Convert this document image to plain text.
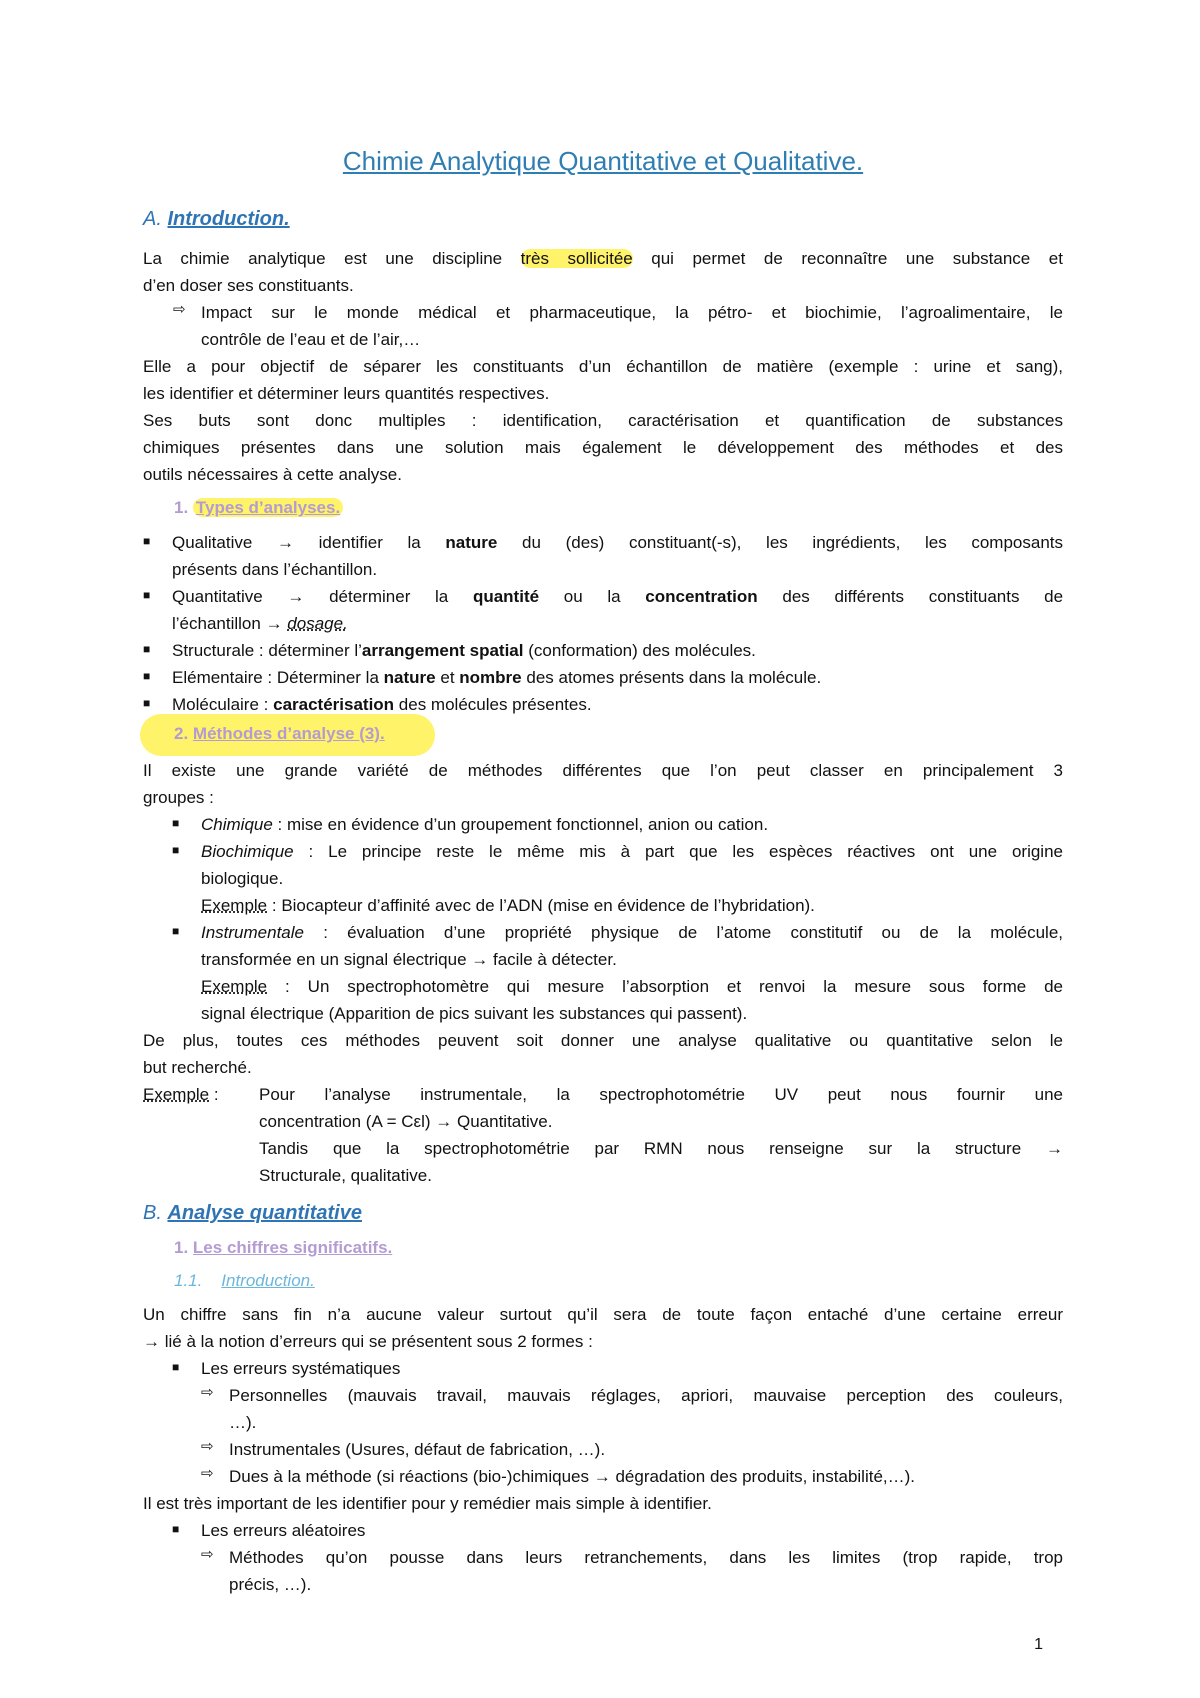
Chimie Analytique Quantitative et Qualitative.
A. Introduction.
La chimie analytique est une discipline très sollicitée qui permet de reconnaître une substance et
d’en doser ses constituants.
⇨ Impact sur le monde médical et pharmaceutique, la pétro- et biochimie, l’agroalimentaire, le
contrôle de l’eau et de l’air,…
Elle a pour objectif de séparer les constituants d’un échantillon de matière (exemple : urine et sang),
les identifier et déterminer leurs quantités respectives.
Ses buts sont donc multiples : identification, caractérisation et quantification de substances
chimiques présentes dans une solution mais également le développement des méthodes et des
outils nécessaires à cette analyse.
1. Types d’analyses.
■ Qualitative → identifier la nature du (des) constituant(-s), les ingrédients, les composants
présents dans l’échantillon.
■ Quantitative → déterminer la quantité ou la concentration des différents constituants de
l’échantillon → dosage.
■ Structurale : déterminer l’arrangement spatial (conformation) des molécules.
■ Elémentaire : Déterminer la nature et nombre des atomes présents dans la molécule.
■ Moléculaire : caractérisation des molécules présentes.
2. Méthodes d’analyse (3).
Il existe une grande variété de méthodes différentes que l’on peut classer en principalement 3
groupes :
■ Chimique : mise en évidence d’un groupement fonctionnel, anion ou cation.
■ Biochimique : Le principe reste le même mis à part que les espèces réactives ont une origine
biologique.
Exemple : Biocapteur d’affinité avec de l’ADN (mise en évidence de l’hybridation).
■ Instrumentale : évaluation d’une propriété physique de l’atome constitutif ou de la molécule,
transformée en un signal électrique → facile à détecter.
Exemple : Un spectrophotomètre qui mesure l’absorption et renvoi la mesure sous forme de
signal électrique (Apparition de pics suivant les substances qui passent).
De plus, toutes ces méthodes peuvent soit donner une analyse qualitative ou quantitative selon le
but recherché.
Exemple : Pour l’analyse instrumentale, la spectrophotométrie UV peut nous fournir une
concentration (A = Cεl) → Quantitative.
Tandis que la spectrophotométrie par RMN nous renseigne sur la structure →
Structurale, qualitative.
B. Analyse quantitative
1. Les chiffres significatifs.
1.1. Introduction.
Un chiffre sans fin n’a aucune valeur surtout qu’il sera de toute façon entaché d’une certaine erreur
→ lié à la notion d’erreurs qui se présentent sous 2 formes :
■ Les erreurs systématiques
⇨ Personnelles (mauvais travail, mauvais réglages, apriori, mauvaise perception des couleurs,
…).
⇨ Instrumentales (Usures, défaut de fabrication, …).
⇨ Dues à la méthode (si réactions (bio-)chimiques → dégradation des produits, instabilité,…).
Il est très important de les identifier pour y remédier mais simple à identifier.
■ Les erreurs aléatoires
⇨ Méthodes qu’on pousse dans leurs retranchements, dans les limites (trop rapide, trop
précis, …).
1
